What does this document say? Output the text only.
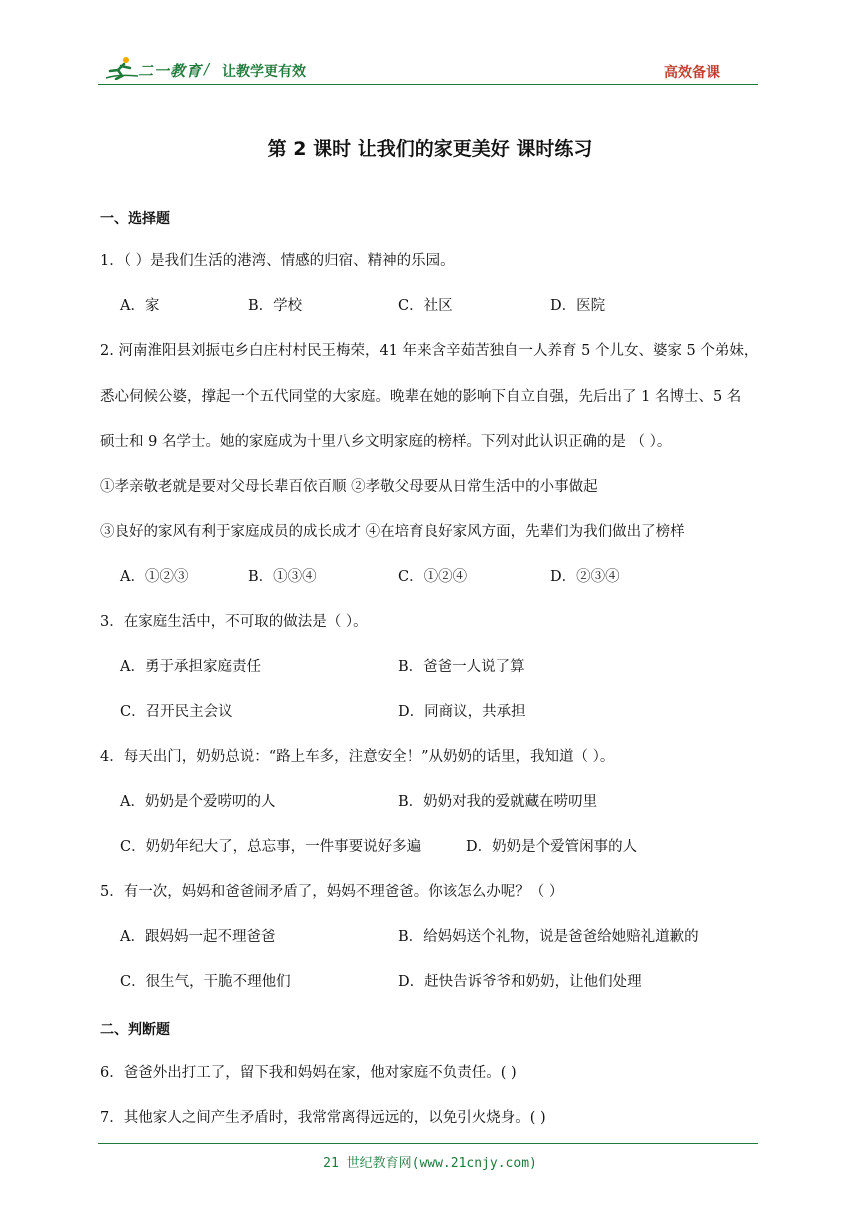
二一教育 / 让教学更有效	高效备课
第 2 课时 让我们的家更美好 课时练习
一、选择题
1．（ ）是我们生活的港湾、情感的归宿、精神的乐园。
A．家	B．学校	C．社区	D．医院
2. 河南淮阳县刘振屯乡白庄村村民王梅荣，41 年来含辛茹苦独自一人养育 5 个儿女、婆家 5 个弟妹，
悉心伺候公婆，撑起一个五代同堂的大家庭。晚辈在她的影响下自立自强，先后出了 1 名博士、5 名
硕士和 9 名学士。她的家庭成为十里八乡文明家庭的榜样。下列对此认识正确的是 （ ）。
①孝亲敬老就是要对父母长辈百依百顺 ②孝敬父母要从日常生活中的小事做起
③良好的家风有利于家庭成员的成长成才 ④在培育良好家风方面，先辈们为我们做出了榜样
A．①②③	B．①③④	C．①②④	D．②③④
3．在家庭生活中，不可取的做法是（ ）。
A．勇于承担家庭责任	B．爸爸一人说了算
C．召开民主会议	D．同商议，共承担
4．每天出门，奶奶总说：“路上车多，注意安全！”从奶奶的话里，我知道（ ）。
A．奶奶是个爱唠叨的人	B．奶奶对我的爱就藏在唠叨里
C．奶奶年纪大了，总忘事，一件事要说好多遍	D．奶奶是个爱管闲事的人
5．有一次，妈妈和爸爸闹矛盾了，妈妈不理爸爸。你该怎么办呢？（ ）
A．跟妈妈一起不理爸爸	B．给妈妈送个礼物，说是爸爸给她赔礼道歉的
C．很生气，干脆不理他们	D．赶快告诉爷爷和奶奶，让他们处理
二、判断题
6．爸爸外出打工了，留下我和妈妈在家，他对家庭不负责任。( )
7．其他家人之间产生矛盾时，我常常离得远远的，以免引火烧身。( )
21 世纪教育网(www.21cnjy.com)
